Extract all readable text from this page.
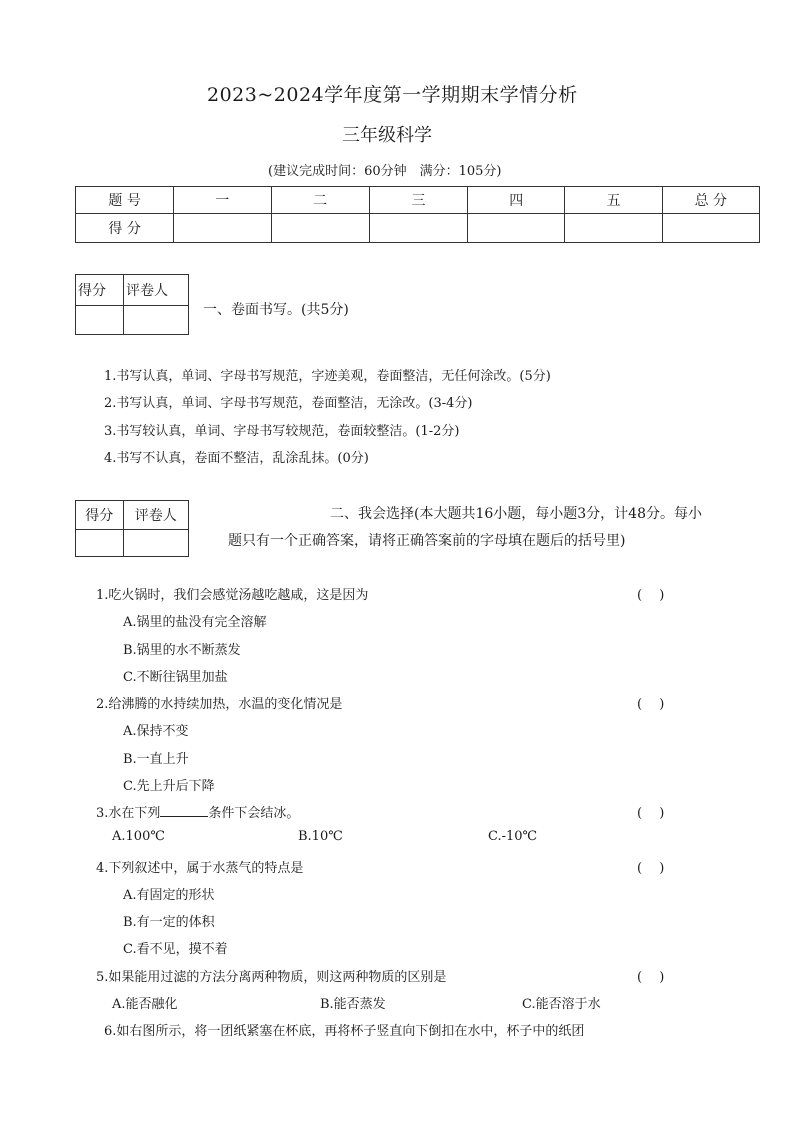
2023~2024学年度第一学期期末学情分析
三年级科学
(建议完成时间：60分钟　满分：105分)
题 号	一	二	三	四	五	总 分
得 分						
得分	评卷人

一、卷面书写。(共5分)
1.书写认真，单词、字母书写规范，字迹美观，卷面整洁，无任何涂改。(5分)
2.书写认真，单词、字母书写规范，卷面整洁，无涂改。(3-4分)
3.书写较认真，单词、字母书写较规范，卷面较整洁。(1-2分)
4.书写不认真，卷面不整洁，乱涂乱抹。(0分)
得分	评卷人
		二、我会选择(本大题共16小题，每小题3分，计48分。每小
题只有一个正确答案，请将正确答案前的字母填在题后的括号里)
1.吃火锅时，我们会感觉汤越吃越咸，这是因为	(　 )
A.锅里的盐没有完全溶解
B.锅里的水不断蒸发
C.不断往锅里加盐
2.给沸腾的水持续加热，水温的变化情况是	(　 )
A.保持不变
B.一直上升
C.先上升后下降
3.水在下列	条件下会结冰。	(　 )
A.100℃	B.10℃	C.-10℃
4.下列叙述中，属于水蒸气的特点是	(　 )
A.有固定的形状
B.有一定的体积
C.看不见，摸不着
5.如果能用过滤的方法分离两种物质，则这两种物质的区别是	(　 )
A.能否融化	B.能否蒸发	C.能否溶于水
6.如右图所示，将一团纸紧塞在杯底，再将杯子竖直向下倒扣在水中，杯子中的纸团
